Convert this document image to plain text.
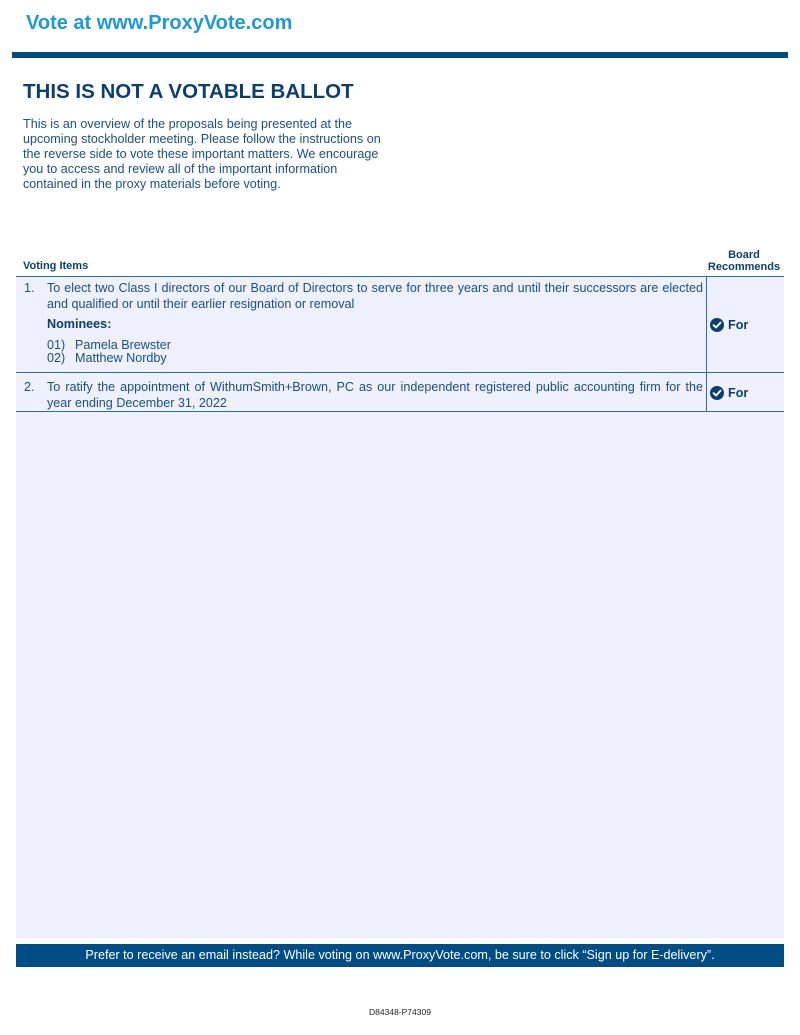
Vote at www.ProxyVote.com
THIS IS NOT A VOTABLE BALLOT
This is an overview of the proposals being presented at the upcoming stockholder meeting. Please follow the instructions on the reverse side to vote these important matters. We encourage you to access and review all of the important information contained in the proxy materials before voting.
Voting Items
Board
Recommends
1. To elect two Class I directors of our Board of Directors to serve for three years and until their successors are elected and qualified or until their earlier resignation or removal
Nominees:
01) Pamela Brewster
02) Matthew Nordby
For
2. To ratify the appointment of WithumSmith+Brown, PC as our independent registered public accounting firm for the year ending December 31, 2022
For
Prefer to receive an email instead? While voting on www.ProxyVote.com, be sure to click “Sign up for E-delivery”.
D84348-P74309
